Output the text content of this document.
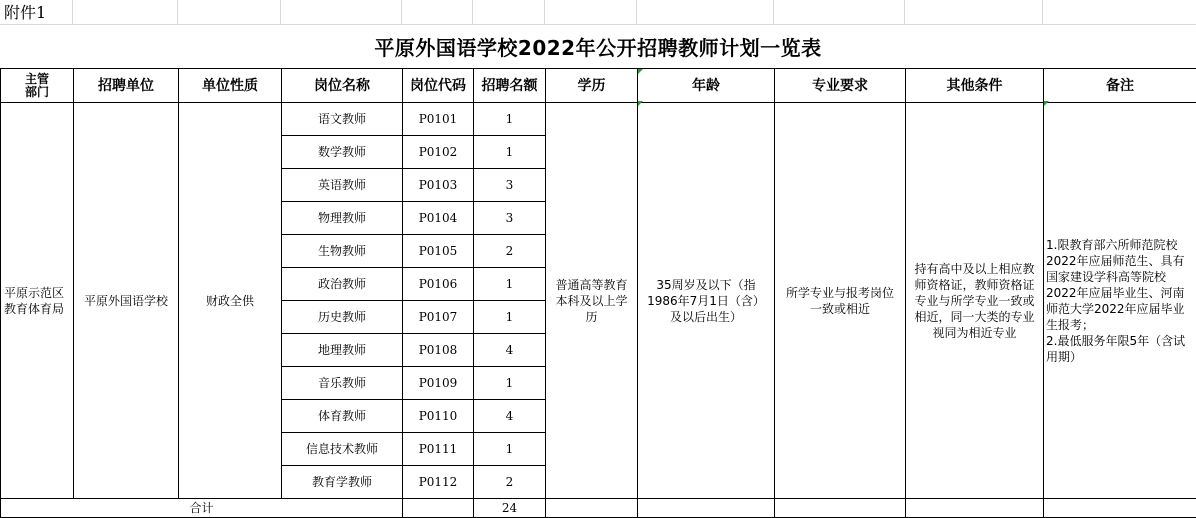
附件1
平原外国语学校2022年公开招聘教师计划一览表
主管
部门	招聘单位	单位性质	岗位名称	岗位代码	招聘名额	学历	年龄	专业要求	其他条件	备注
平原示范区教育体育局	平原外国语学校	财政全供	语文教师	P0101	1	普通高等教育本科及以上学历	35周岁及以下（指1986年7月1日（含）及以后出生）	所学专业与报考岗位一致或相近	持有高中及以上相应教师资格证，教师资格证专业与所学专业一致或相近，同一大类的专业视同为相近专业	1.限教育部六所师范院校2022年应届师范生、具有国家建设学科高等院校2022年应届毕业生、河南师范大学2022年应届毕业生报考；
2.最低服务年限5年（含试用期）
			数学教师	P0102	1					
			英语教师	P0103	3					
			物理教师	P0104	3					
			生物教师	P0105	2					
			政治教师	P0106	1					
			历史教师	P0107	1					
			地理教师	P0108	4					
			音乐教师	P0109	1					
			体育教师	P0110	4					
			信息技术教师	P0111	1					
			教育学教师	P0112	2					
合计					24					
